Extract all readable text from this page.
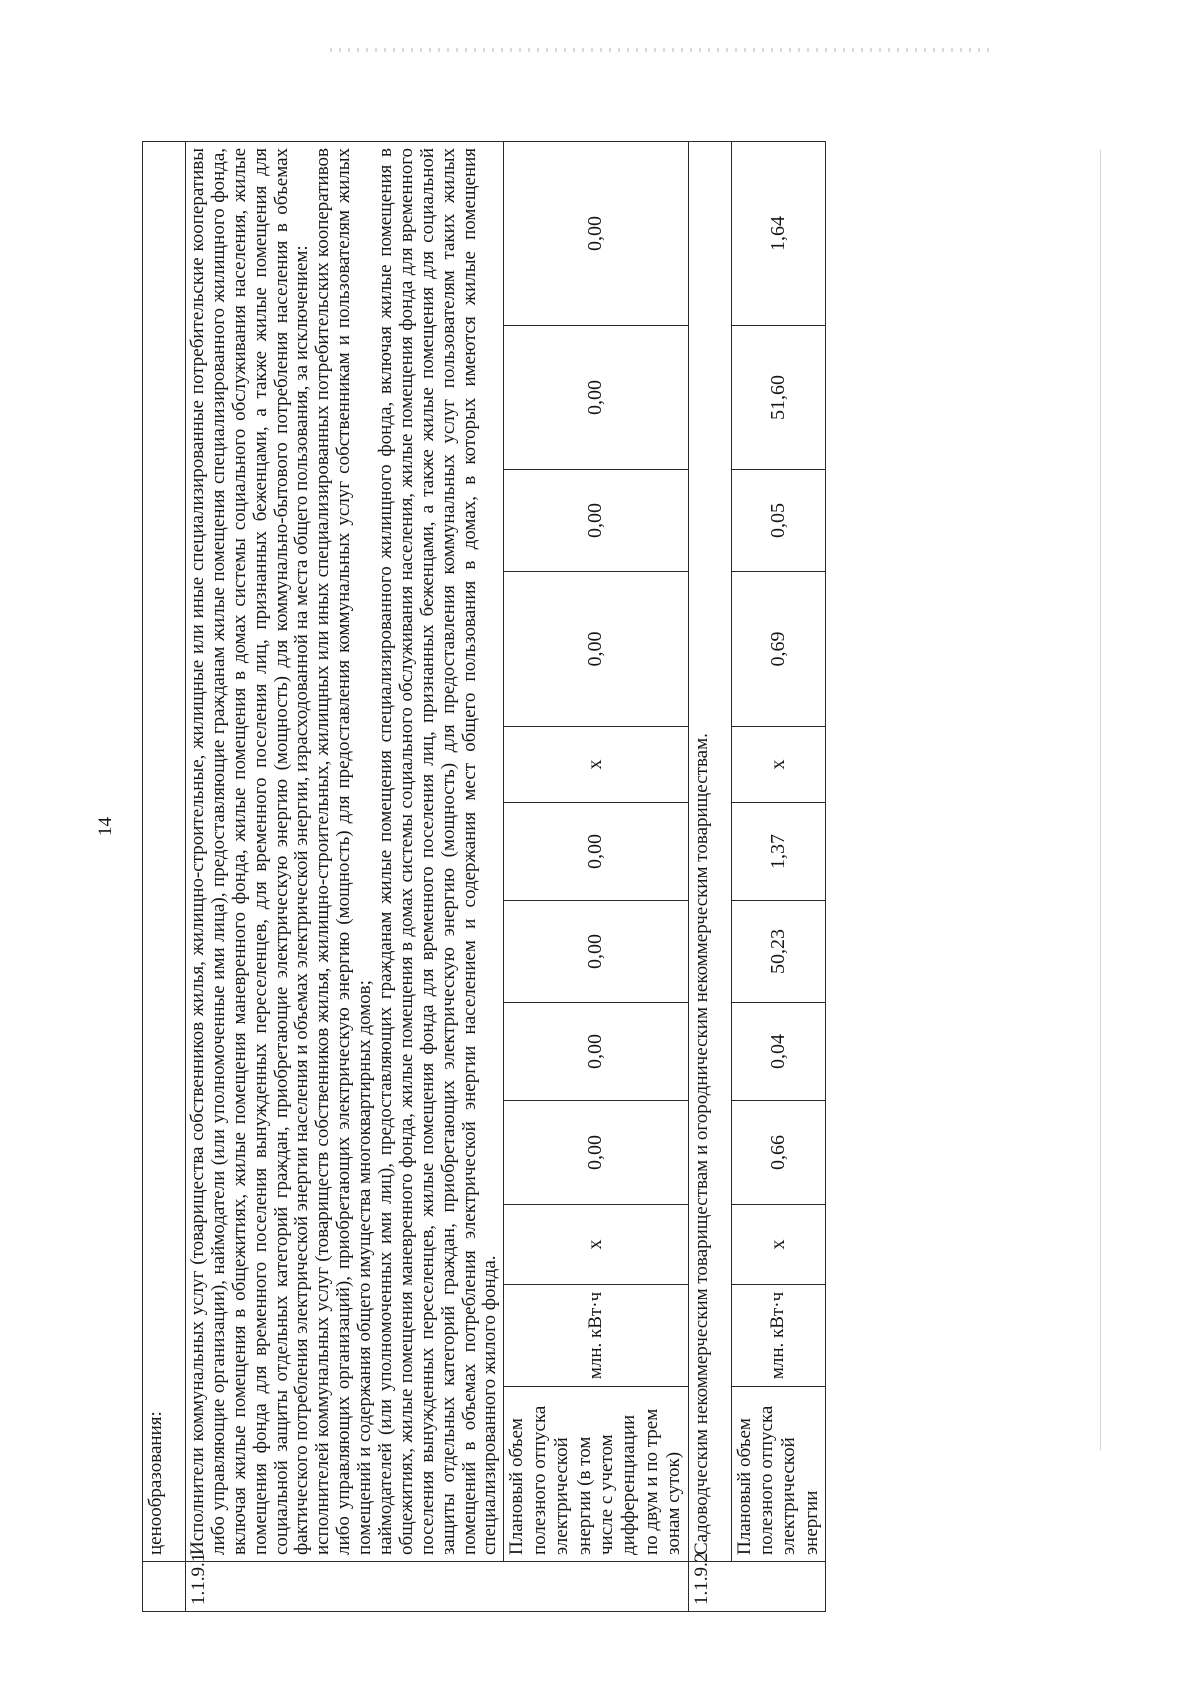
14
	ценообразования:											
1.1.9.1	Исполнители коммунальных услуг (товарищества собственников жилья, жилищно-строительные, жилищные или иные специализированные потребительские кооперативы либо управляющие организации), наймодатели (или уполномоченные ими лица), предоставляющие гражданам жилые помещения специализированного жилищного фонда, включая жилые помещения в общежитиях, жилые помещения маневренного фонда, жилые помещения в домах системы социального обслуживания населения, жилые помещения фонда для временного поселения вынужденных переселенцев, для временного поселения лиц, признанных беженцами, а также жилые помещения для социальной защиты отдельных категорий граждан, приобретающие электрическую энергию (мощность) для коммунально-бытового потребления населения в объемах фактического потребления электрической энергии населения и объемах электрической энергии, израсходованной на места общего пользования, за исключением: исполнителей коммунальных услуг (товариществ собственников жилья, жилищно-строительных, жилищных или иных специализированных потребительских кооперативов либо управляющих организаций), приобретающих электрическую энергию (мощность) для предоставления коммунальных услуг собственникам и пользователям жилых помещений и содержания общего имущества многоквартирных домов; наймодателей (или уполномоченных ими лиц), предоставляющих гражданам жилые помещения специализированного жилищного фонда, включая жилые помещения в общежитиях, жилые помещения маневренного фонда, жилые помещения в домах системы социального обслуживания населения, жилые помещения фонда для временного поселения вынужденных переселенцев, жилые помещения фонда для временного поселения лиц, признанных беженцами, а также жилые помещения для социальной защиты отдельных категорий граждан, приобретающих электрическую энергию (мощность) для предоставления коммунальных услуг пользователям таких жилых помещений в объемах потребления электрической энергии населением и содержания мест общего пользования в домах, в которых имеются жилые помещения специализированного жилого фонда.											

	Плановый объем полезного отпуска электрической энергии (в том числе с учетом дифференциации по двум и по трем зонам суток)	млн. кВт·ч	x	0,00	0,00	0,00	0,00	x	0,00	0,00	0,00	0,00
1.1.9.2	Садоводческим некоммерческим товариществам и огородническим некоммерческим товариществам.											
	Плановый объем полезного отпуска электрической энергии	млн. кВт·ч	x	0,66	0,04	50,23	1,37	x	0,69	0,05	51,60	1,64
